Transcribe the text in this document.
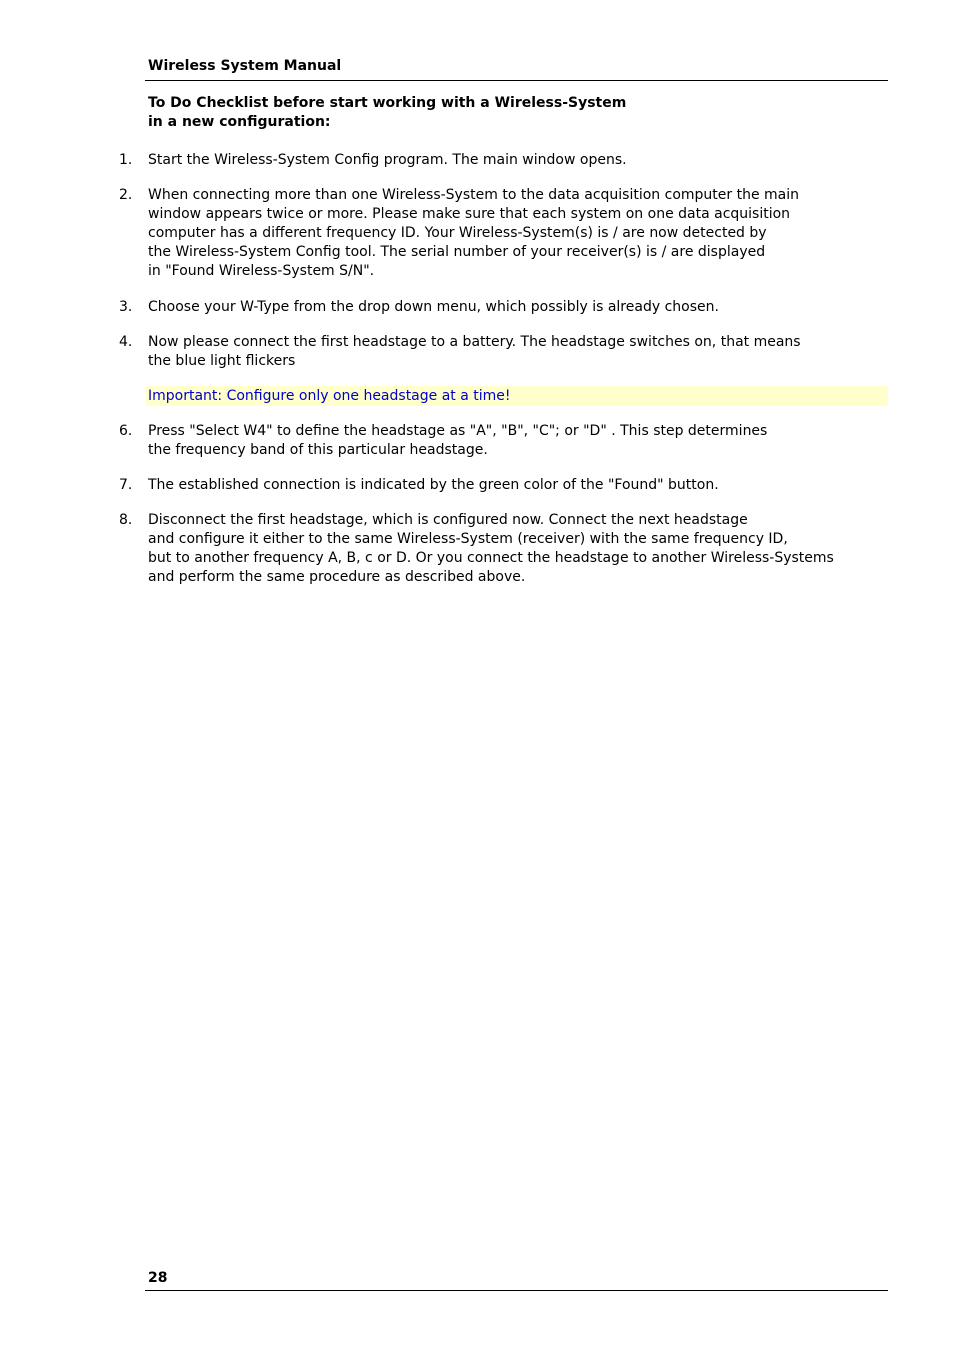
Wireless System Manual
To Do Checklist before start working with a Wireless-System
in a new configuration:
1. Start the Wireless-System Config program. The main window opens.
2. When connecting more than one Wireless-System to the data acquisition computer the main
window appears twice or more. Please make sure that each system on one data acquisition
computer has a different frequency ID. Your Wireless-System(s) is / are now detected by
the Wireless-System Config tool. The serial number of your receiver(s) is / are displayed
in "Found Wireless-System S/N".
3. Choose your W-Type from the drop down menu, which possibly is already chosen.
4. Now please connect the first headstage to a battery. The headstage switches on, that means
the blue light flickers
Important: Configure only one headstage at a time!
6. Press "Select W4" to define the headstage as "A", "B", "C"; or "D" . This step determines
the frequency band of this particular headstage.
7. The established connection is indicated by the green color of the "Found" button.
8. Disconnect the first headstage, which is configured now. Connect the next headstage
and configure it either to the same Wireless-System (receiver) with the same frequency ID,
but to another frequency A, B, c or D. Or you connect the headstage to another Wireless-Systems
and perform the same procedure as described above.
28
